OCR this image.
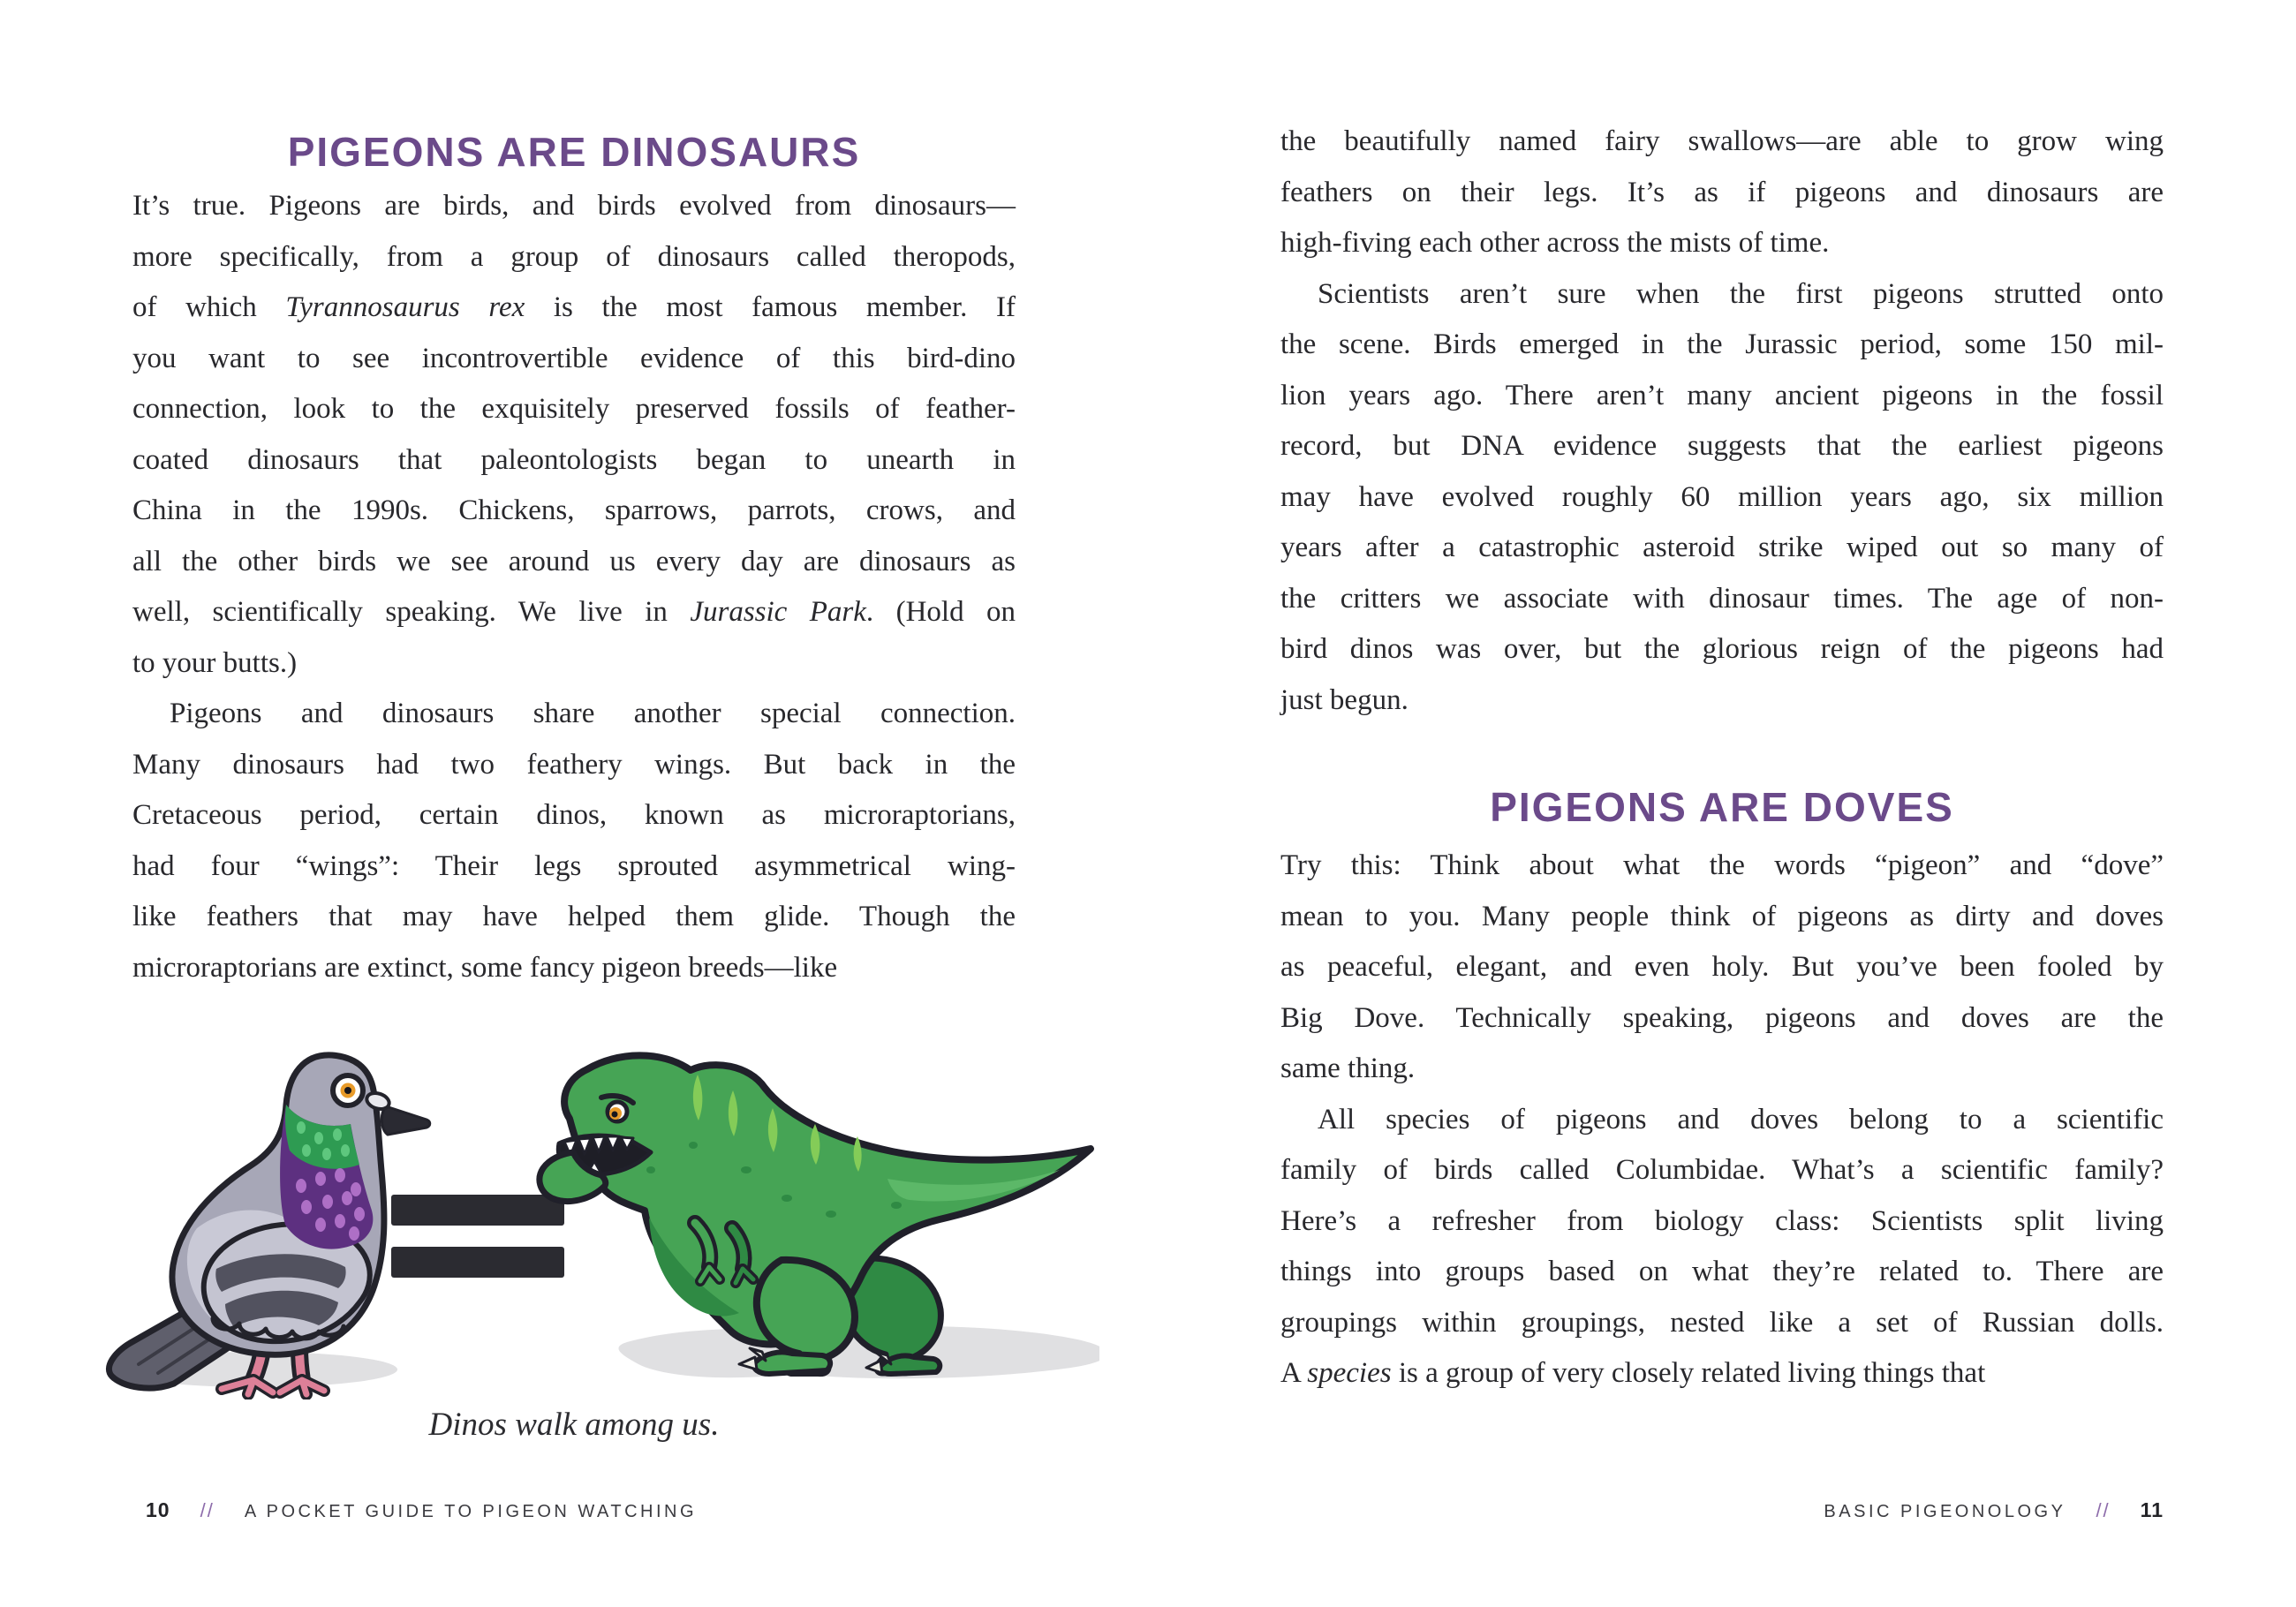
PIGEONS ARE DINOSAURS
It’s true. Pigeons are birds, and birds evolved from dinosaurs—
more specifically, from a group of dinosaurs called theropods,
of which Tyrannosaurus rex is the most famous member. If
you want to see incontrovertible evidence of this bird-dino
connection, look to the exquisitely preserved fossils of feather-
coated dinosaurs that paleontologists began to unearth in
China in the 1990s. Chickens, sparrows, parrots, crows, and
all the other birds we see around us every day are dinosaurs as
well, scientifically speaking. We live in Jurassic Park. (Hold on
to your butts.)
Pigeons and dinosaurs share another special connection.
Many dinosaurs had two feathery wings. But back in the
Cretaceous period, certain dinos, known as microraptorians,
had four “wings”: Their legs sprouted asymmetrical wing-
like feathers that may have helped them glide. Though the
microraptorians are extinct, some fancy pigeon breeds—like
Dinos walk among us.
10 // A POCKET GUIDE TO PIGEON WATCHING
the beautifully named fairy swallows—are able to grow wing
feathers on their legs. It’s as if pigeons and dinosaurs are
high-fiving each other across the mists of time.
Scientists aren’t sure when the first pigeons strutted onto
the scene. Birds emerged in the Jurassic period, some 150 mil-
lion years ago. There aren’t many ancient pigeons in the fossil
record, but DNA evidence suggests that the earliest pigeons
may have evolved roughly 60 million years ago, six million
years after a catastrophic asteroid strike wiped out so many of
the critters we associate with dinosaur times. The age of non-
bird dinos was over, but the glorious reign of the pigeons had
just begun.
PIGEONS ARE DOVES
Try this: Think about what the words “pigeon” and “dove”
mean to you. Many people think of pigeons as dirty and doves
as peaceful, elegant, and even holy. But you’ve been fooled by
Big Dove. Technically speaking, pigeons and doves are the
same thing.
All species of pigeons and doves belong to a scientific
family of birds called Columbidae. What’s a scientific family?
Here’s a refresher from biology class: Scientists split living
things into groups based on what they’re related to. There are
groupings within groupings, nested like a set of Russian dolls.
A species is a group of very closely related living things that
BASIC PIGEONOLOGY // 11
